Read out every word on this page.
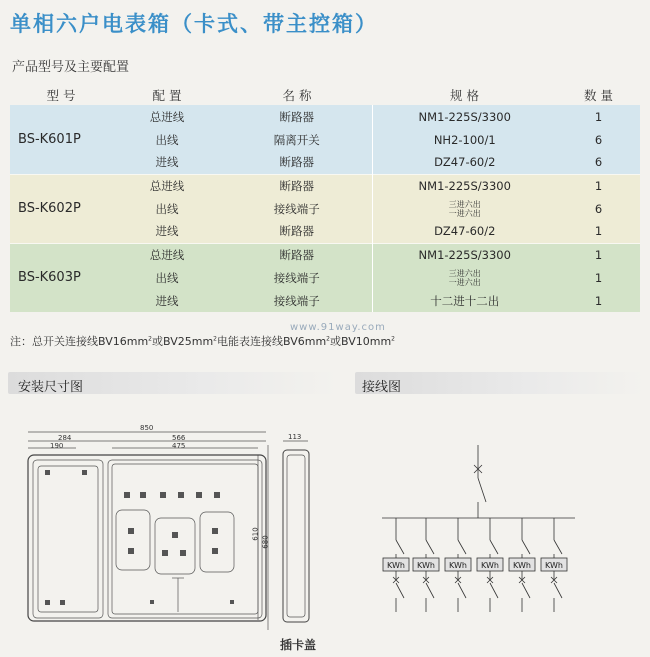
单相六户电表箱（卡式、带主控箱）
产品型号及主要配置
型 号	配 置	名 称	规 格	数 量
BS-K601P	总进线	断路器	NM1-225S/3300	1
	出线	隔离开关	NH2-100/1	6
	进线	断路器	DZ47-60/2	6
BS-K602P	总进线	断路器	NM1-225S/3300	1
	出线	接线端子	三进六出
一进六出	6
	进线	断路器	DZ47-60/2	1
BS-K603P	总进线	断路器	NM1-225S/3300	1
	出线	接线端子	三进六出
一进六出	1
	进线	接线端子	十二进十二出	1
www.91way.com
注：总开关连接线$BV16mm^2$或$BV25mm^2$电能表连接线$BV6mm^2$或$BV10mm^2$
安装尺寸图	接线图
850
284
190
566
475
113
610
680
插卡盖
KWh KWh KWh KWh KWh KWh
